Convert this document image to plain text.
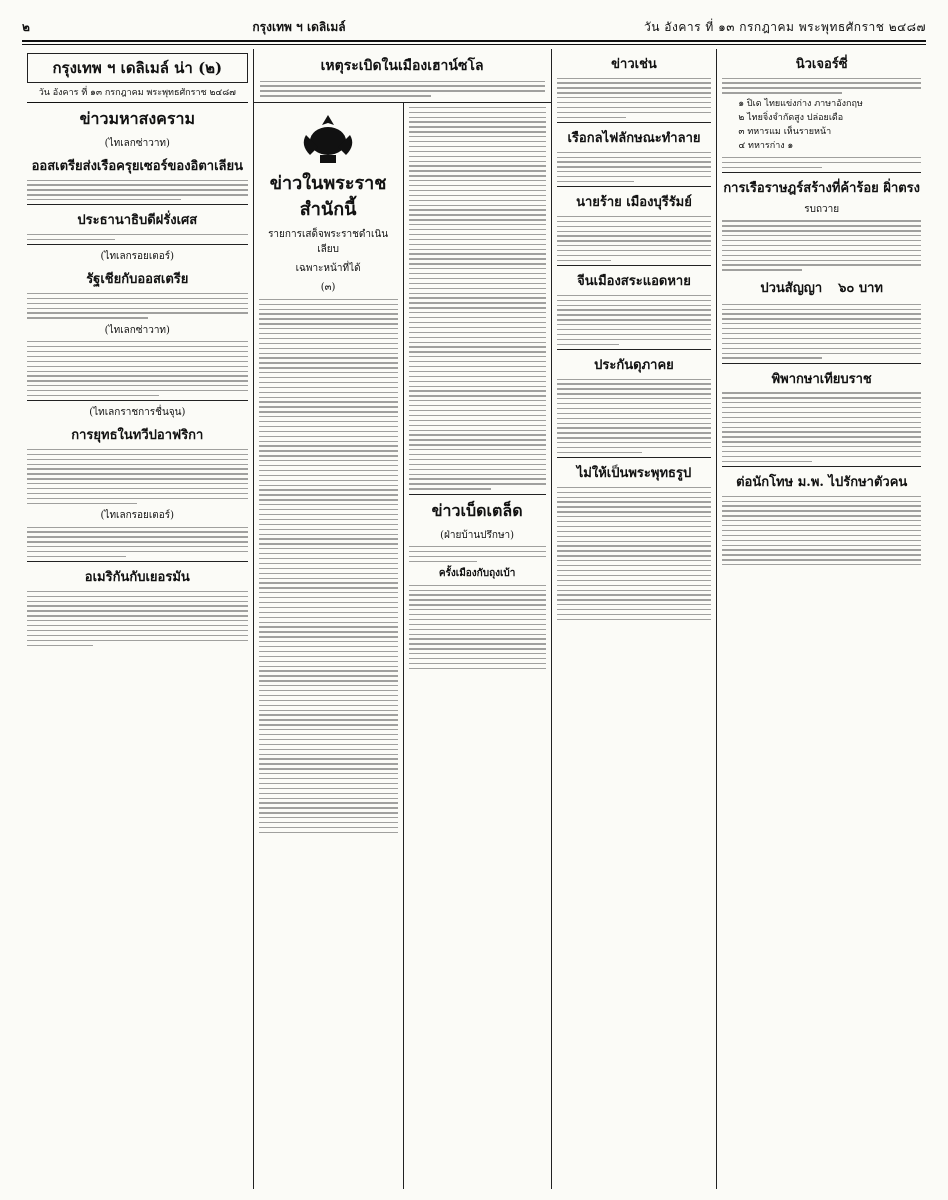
๒	กรุงเทพ ฯ เดลิเมล์	วัน อังคาร ที่ ๑๓ กรกฎาคม พระพุทธศักราช ๒๔๘๗
กรุงเทพ ฯ เดลิเมล์ น่า (๒)
วัน อังคาร ที่ ๑๓ กรกฎาคม พระพุทธศักราช ๒๔๘๗
ข่าวมหาสงคราม
(ไทเลกซ่าวาท)
ออสเตรียส่งเรือครุยเซอร์ของอิตาเลียน
ประธานาธิบดีฝรั่งเศส
(ไทเลกรอยเตอร์)
รัฐเชียกับออสเตรีย
(ไทเลกซ่าวาท)
(ไทเลกราชการชื่นจุน)
การยุทธในทวีปอาฟริกา
(ไทเลกรอยเตอร์)
อเมริกันกับเยอรมัน
เหตุระเบิดในเมืองเฮาน์ซโล
ข่าวในพระราชสำนักนี้
รายการเสด็จพระราชดำเนินเลียบ
เฉพาะหน้าที่ได้
(๓)
ข่าวเบ็ดเตล็ด
(ฝ่ายบ้านปรึกษา)
ครั้งเมืองกับถุงเบ้า
ข่าวเช่น
เรือกลไฟลักษณะทำลาย
นายร้าย เมืองบุรีรัมย์
จีนเมืองสระแอดหาย
ประกันดุภาคย
ไม่ให้เป็นพระพุทธรูป
นิวเจอร์ซี่
๑ ปิเด ไทยแข่งก่าง ภาษาอังกฤษ
๒ ไทยจิ่งจำกัดสูง ปล่อยเดือ
๓ ทหารแม เห็นรายหน้า
๔ ทหารก่าง ๑
การเรือราษฎร์สร้างที่ค้าร้อย ผิ่าตรง
รบถวาย
ปวนสัญญา ๖๐ บาท
พิพากษาเทียบราช
ต่อนักโทษ ม.พ. ไปรักษาตัวคน
